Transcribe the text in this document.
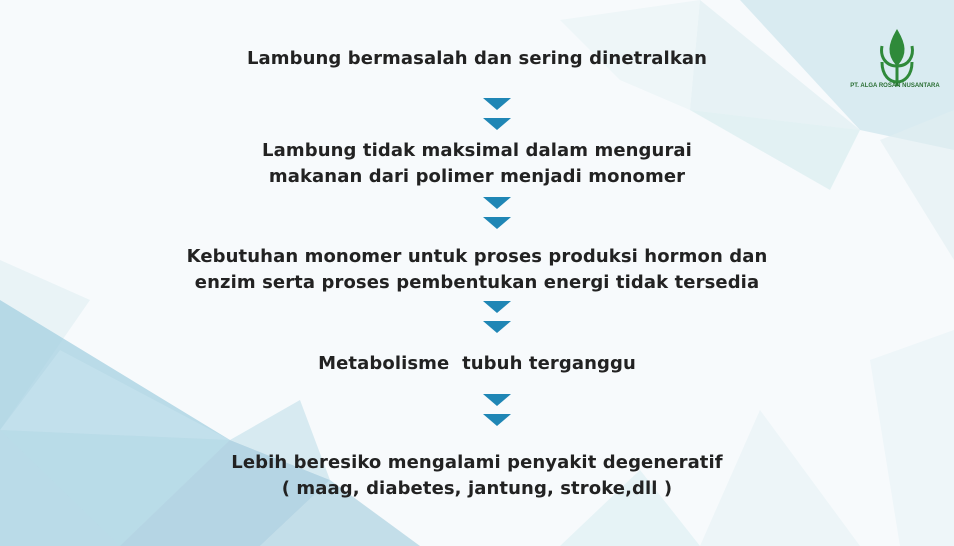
PT. ALGA ROSAN NUSANTARA
Lambung bermasalah dan sering dinetralkan
Lambung tidak maksimal dalam mengurai
makanan dari polimer menjadi monomer
Kebutuhan monomer untuk proses produksi hormon dan
enzim serta proses pembentukan energi tidak tersedia
Metabolisme  tubuh terganggu
Lebih beresiko mengalami penyakit degeneratif
( maag, diabetes, jantung, stroke,dll )
